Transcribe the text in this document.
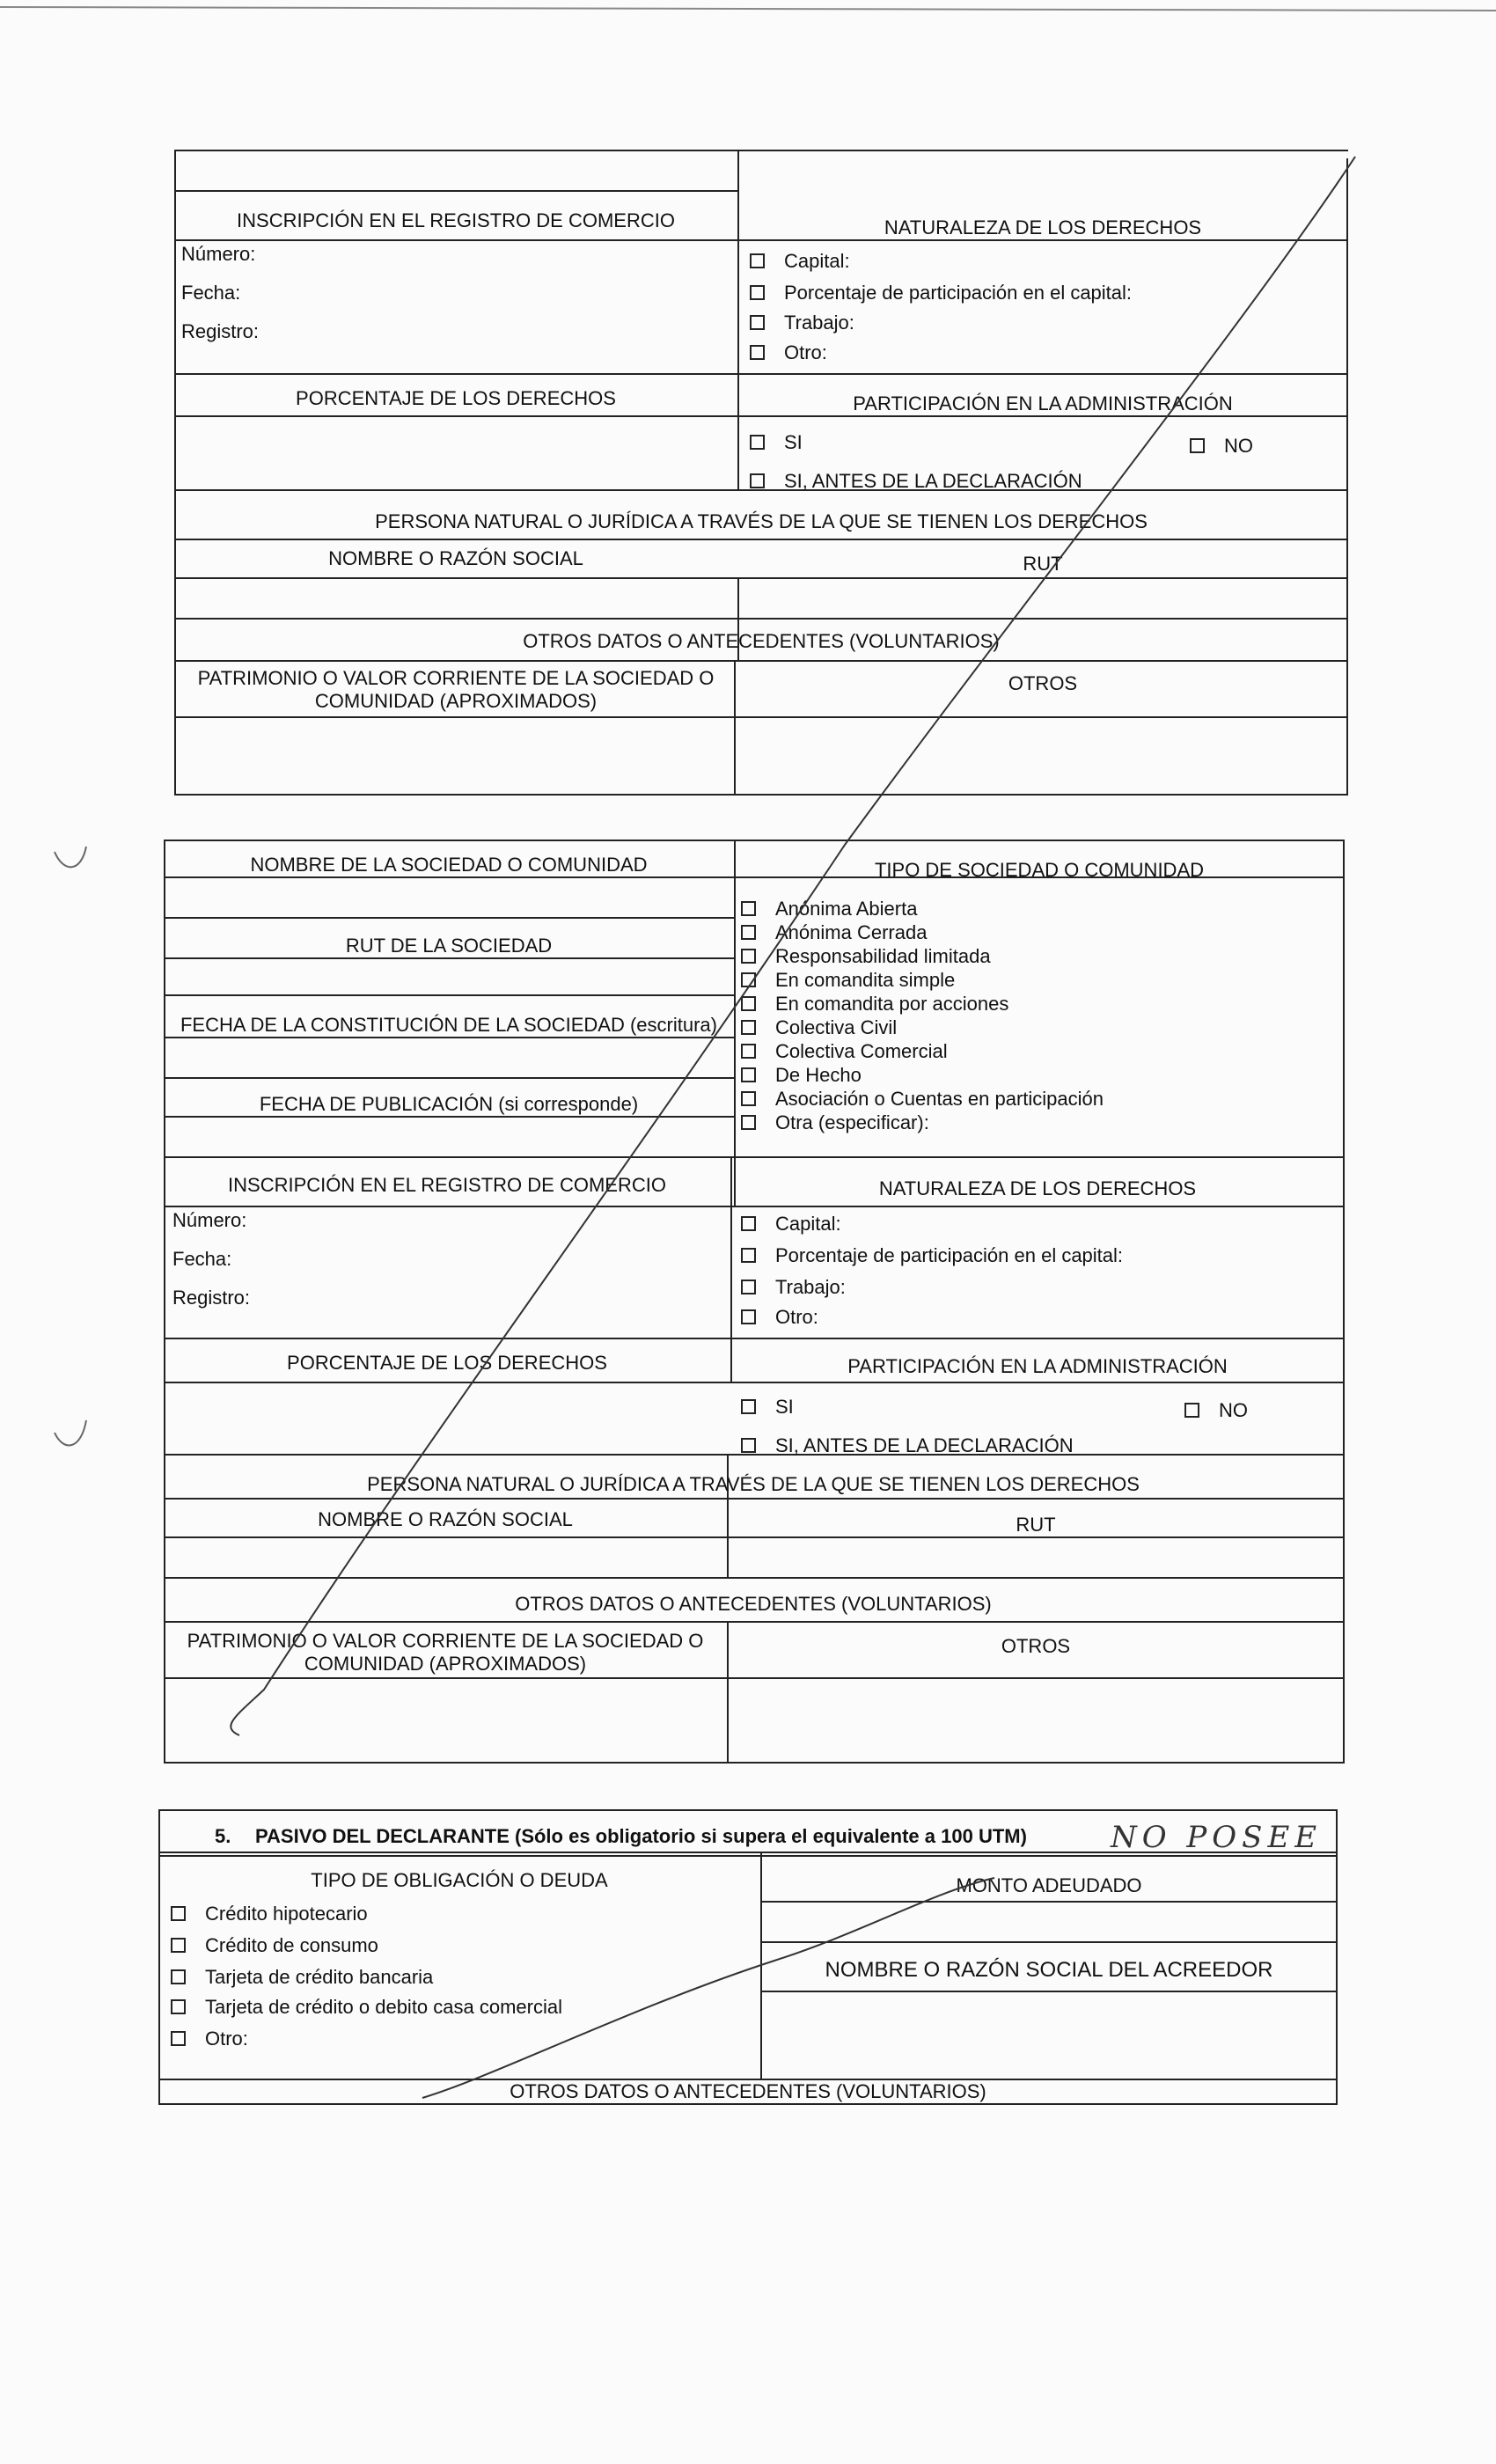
INSCRIPCIÓN EN EL REGISTRO DE COMERCIO	NATURALEZA DE LOS DERECHOS
Número:
Fecha:
Registro:
Capital:
Porcentaje de participación en el capital:
Trabajo:
Otro:
PORCENTAJE DE LOS DERECHOS	PARTICIPACIÓN EN LA ADMINISTRACIÓN
SI	NO
SI, ANTES DE LA DECLARACIÓN
PERSONA NATURAL O JURÍDICA A TRAVÉS DE LA QUE SE TIENEN LOS DERECHOS
NOMBRE O RAZÓN SOCIAL	RUT
OTROS DATOS O ANTECEDENTES (VOLUNTARIOS)
PATRIMONIO O VALOR CORRIENTE DE LA SOCIEDAD O
COMUNIDAD (APROXIMADOS)
OTROS
NOMBRE DE LA SOCIEDAD O COMUNIDAD	TIPO DE SOCIEDAD O COMUNIDAD
RUT DE LA SOCIEDAD
FECHA DE LA CONSTITUCIÓN DE LA SOCIEDAD (escritura)
FECHA DE PUBLICACIÓN (si corresponde)
Anónima Abierta
Anónima Cerrada
Responsabilidad limitada
En comandita simple
En comandita por acciones
Colectiva Civil
Colectiva Comercial
De Hecho
Asociación o Cuentas en participación
Otra (especificar):
INSCRIPCIÓN EN EL REGISTRO DE COMERCIO	NATURALEZA DE LOS DERECHOS
Número:
Fecha:
Registro:
Capital:
Porcentaje de participación en el capital:
Trabajo:
Otro:
PORCENTAJE DE LOS DERECHOS	PARTICIPACIÓN EN LA ADMINISTRACIÓN
SI	NO
SI, ANTES DE LA DECLARACIÓN
PERSONA NATURAL O JURÍDICA A TRAVÉS DE LA QUE SE TIENEN LOS DERECHOS
NOMBRE O RAZÓN SOCIAL	RUT
OTROS DATOS O ANTECEDENTES (VOLUNTARIOS)
PATRIMONIO O VALOR CORRIENTE DE LA SOCIEDAD O
COMUNIDAD (APROXIMADOS)
OTROS
5. PASIVO DEL DECLARANTE (Sólo es obligatorio si supera el equivalente a 100 UTM)	NO POSEE
TIPO DE OBLIGACIÓN O DEUDA	MONTO ADEUDADO
Crédito hipotecario
Crédito de consumo
Tarjeta de crédito bancaria
Tarjeta de crédito o debito casa comercial
Otro:
NOMBRE O RAZÓN SOCIAL DEL ACREEDOR
OTROS DATOS O ANTECEDENTES (VOLUNTARIOS)
